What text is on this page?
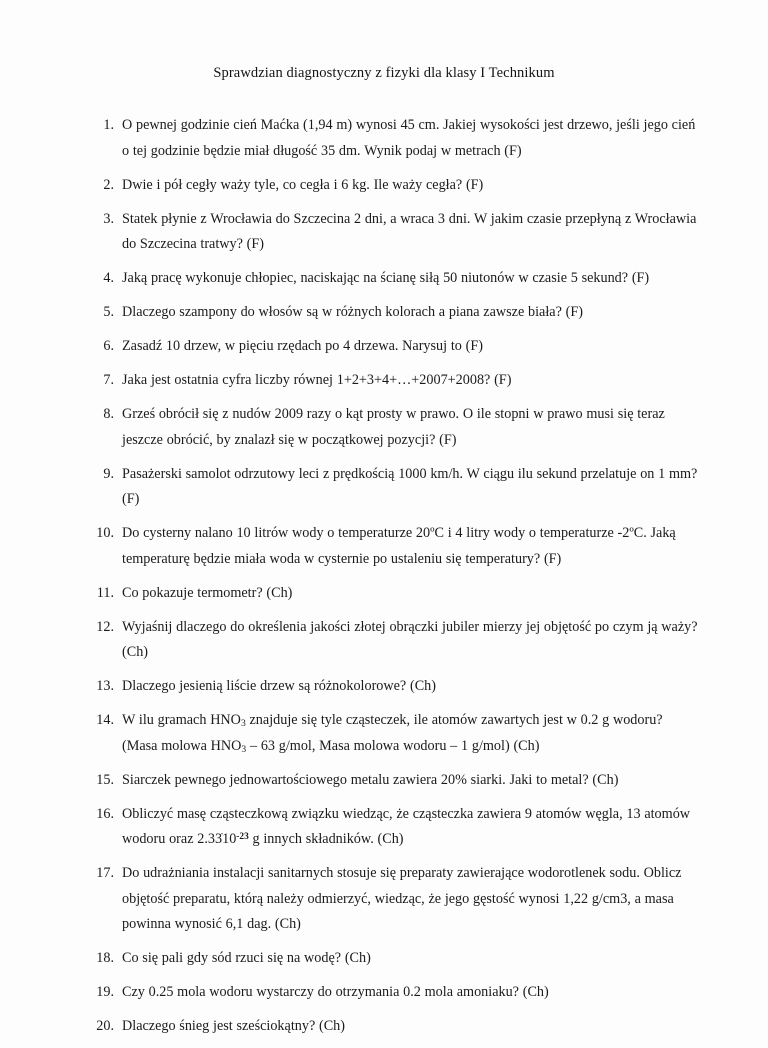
Sprawdzian diagnostyczny z fizyki dla klasy I Technikum
1. O pewnej godzinie cień Maćka (1,94 m) wynosi 45 cm. Jakiej wysokości jest drzewo, jeśli jego cień o tej godzinie będzie miał długość 35 dm. Wynik podaj w metrach (F)
2. Dwie i pół cegły waży tyle, co cegła i 6 kg. Ile waży cegła? (F)
3. Statek płynie z Wrocławia do Szczecina 2 dni, a wraca 3 dni. W jakim czasie przepłyną z Wrocławia do Szczecina tratwy? (F)
4. Jaką pracę wykonuje chłopiec, naciskając na ścianę siłą 50 niutonów w czasie 5 sekund? (F)
5. Dlaczego szampony do włosów są w różnych kolorach a piana zawsze biała? (F)
6. Zasadź 10 drzew, w pięciu rzędach po 4 drzewa. Narysuj to (F)
7. Jaka jest ostatnia cyfra liczby równej 1+2+3+4+…+2007+2008? (F)
8. Grześ obrócił się z nudów 2009 razy o kąt prosty w prawo. O ile stopni w prawo musi się teraz jeszcze obrócić, by znalazł się w początkowej pozycji? (F)
9. Pasażerski samolot odrzutowy leci z prędkością 1000 km/h. W ciągu ilu sekund przelatuje on 1 mm? (F)
10. Do cysterny nalano 10 litrów wody o temperaturze 20ºC i 4 litry wody o temperaturze -2ºC. Jaką temperaturę będzie miała woda w cysternie po ustaleniu się temperatury? (F)
11. Co pokazuje termometr? (Ch)
12. Wyjaśnij dlaczego do określenia jakości złotej obrączki jubiler mierzy jej objętość po czym ją waży? (Ch)
13. Dlaczego jesienią liście drzew są różnokolorowe? (Ch)
14. W ilu gramach $HNO_3$ znajduje się tyle cząsteczek, ile atomów zawartych jest w 0.2 g wodoru? (Masa molowa $HNO_3 - 63$ g/mol, Masa molowa wodoru – 1 g/mol) (Ch)
15. Siarczek pewnego jednowartościowego metalu zawiera 20% siarki. Jaki to metal? (Ch)
16. Obliczyć masę cząsteczkową związku wiedząc, że cząsteczka zawiera 9 atomów węgla, 13 atomów wodoru oraz $2.3310^{-23}$ g innych składników. (Ch)
17. Do udrażniania instalacji sanitarnych stosuje się preparaty zawierające wodorotlenek sodu. Oblicz objętość preparatu, którą należy odmierzyć, wiedząc, że jego gęstość wynosi 1,22 g/cm3, a masa powinna wynosić 6,1 dag. (Ch)
18. Co się pali gdy sód rzuci się na wodę? (Ch)
19. Czy 0.25 mola wodoru wystarczy do otrzymania 0.2 mola amoniaku? (Ch)
20. Dlaczego śnieg jest sześciokątny? (Ch)
